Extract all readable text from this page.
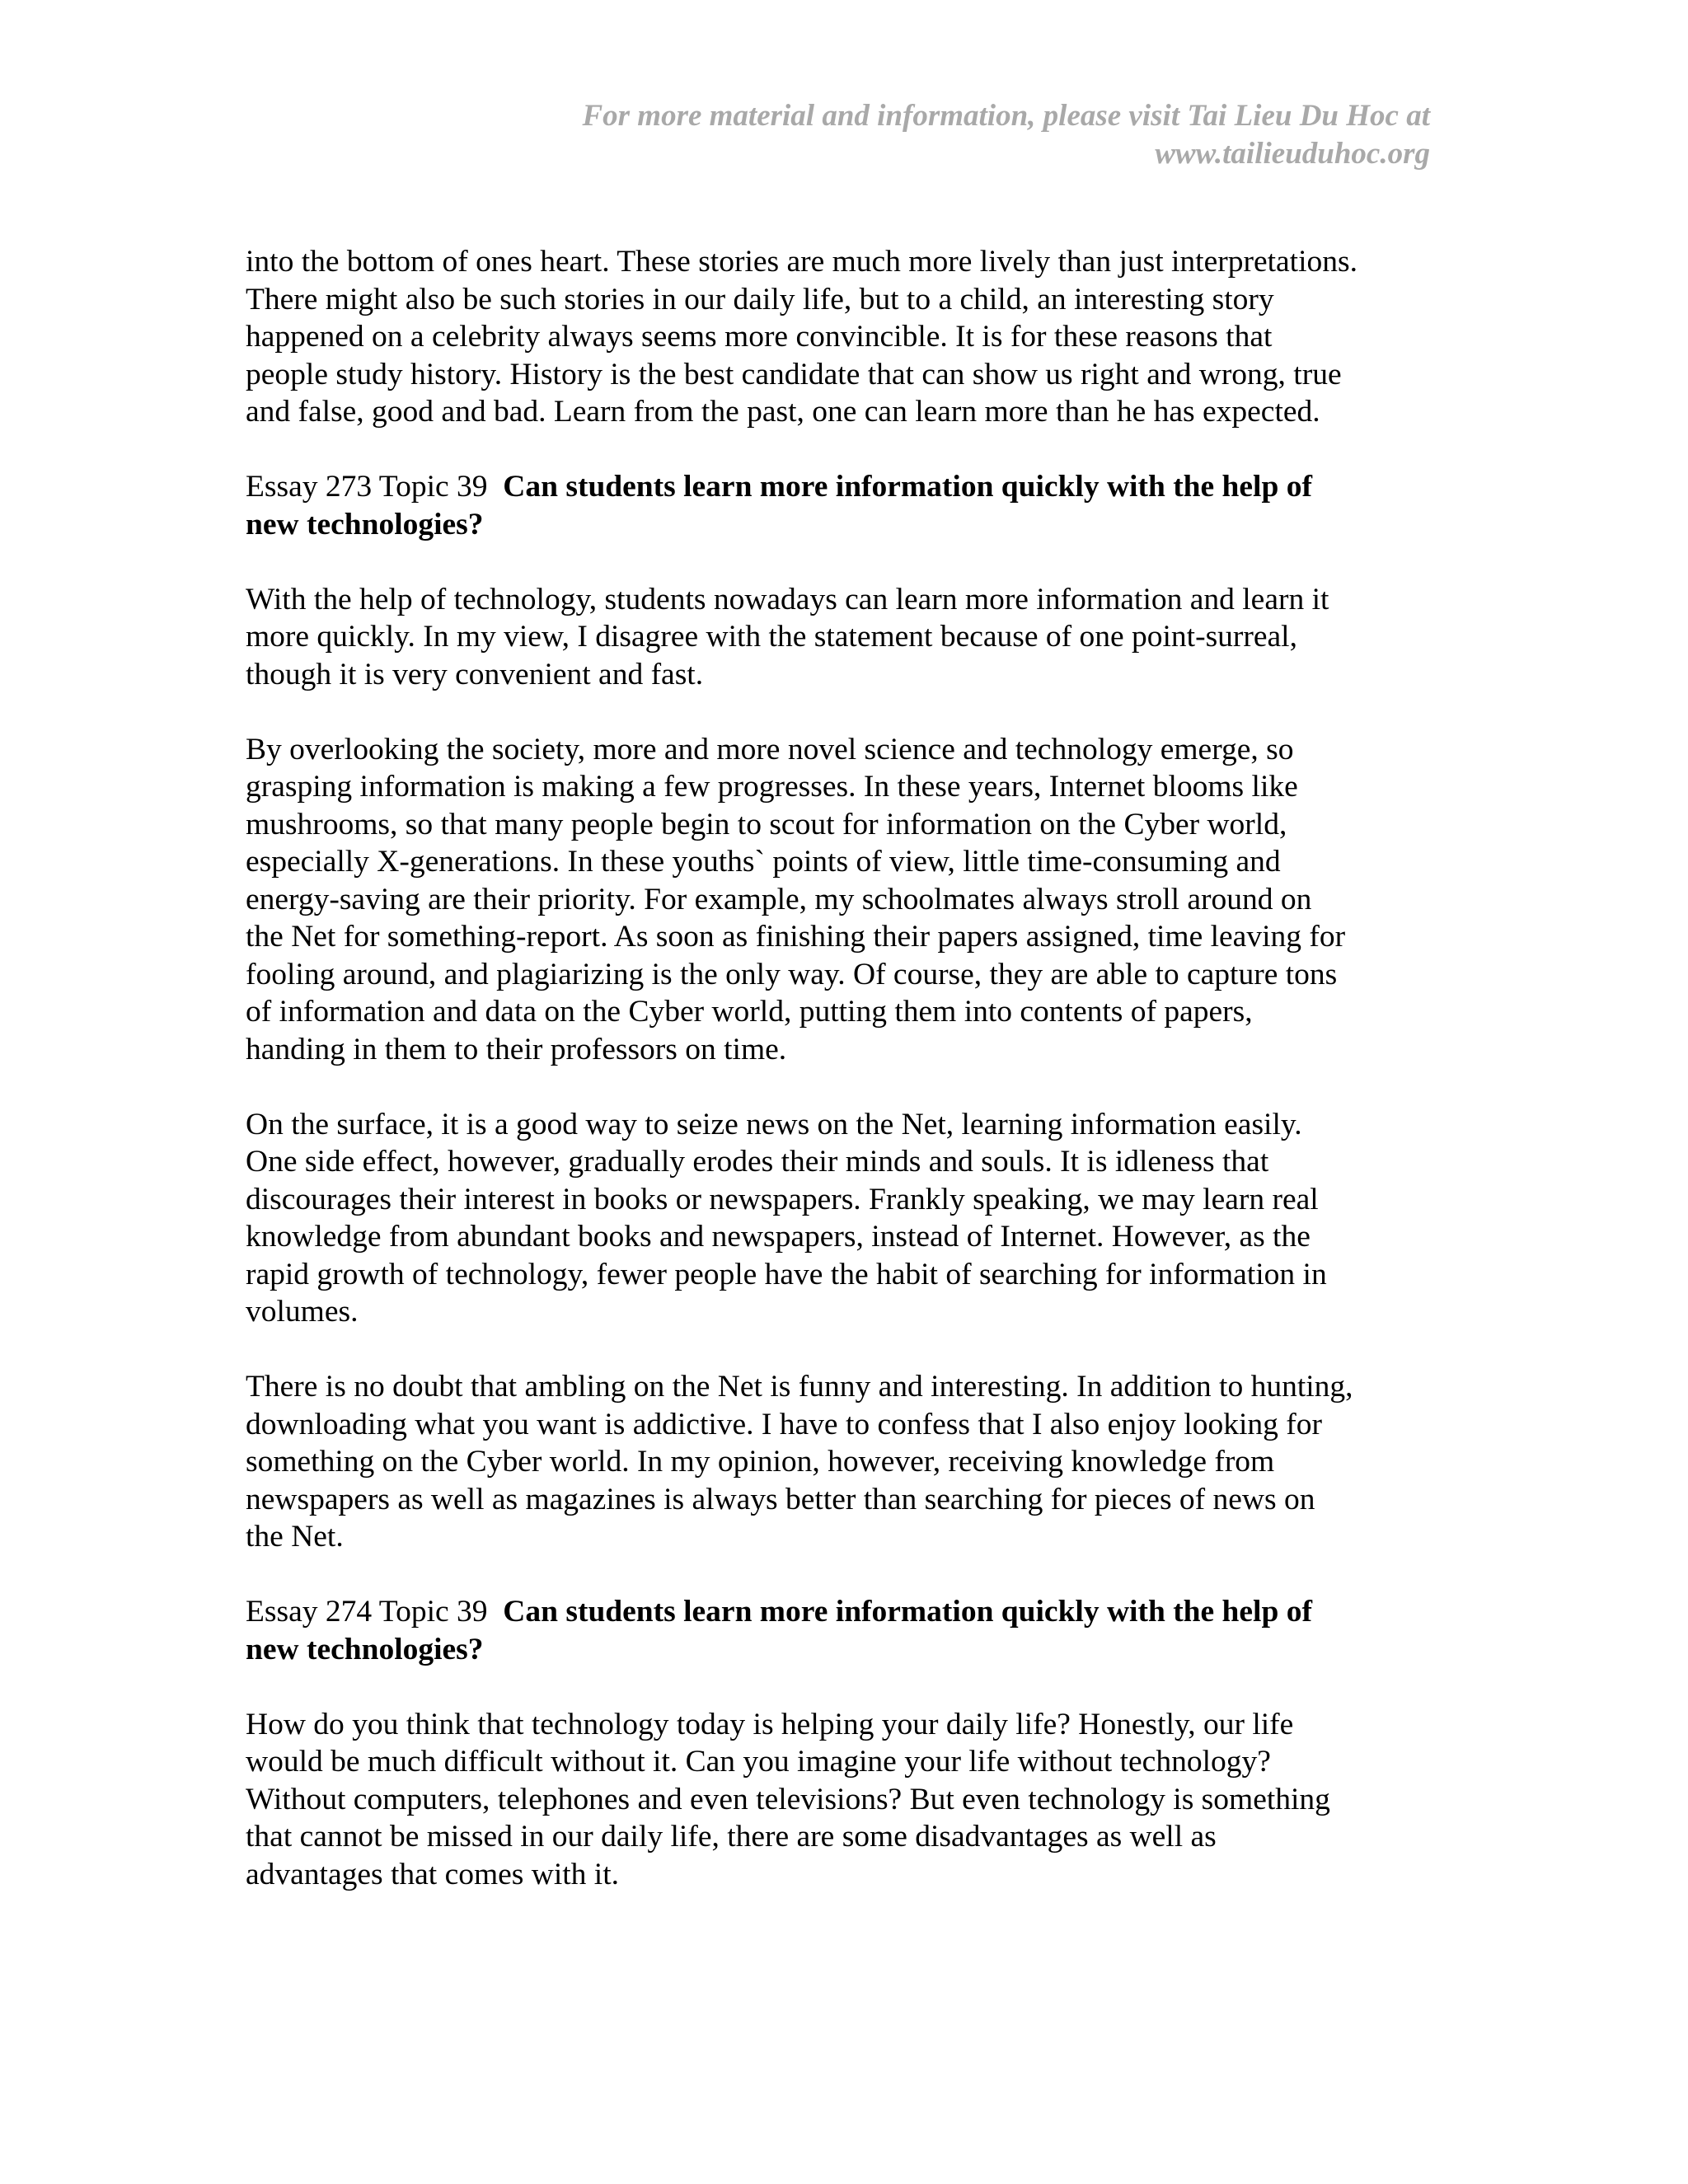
For more material and information, please visit Tai Lieu Du Hoc at
www.tailieuduhoc.org
into the bottom of ones heart. These stories are much more lively than just interpretations.
There might also be such stories in our daily life, but to a child, an interesting story
happened on a celebrity always seems more convincible. It is for these reasons that
people study history. History is the best candidate that can show us right and wrong, true
and false, good and bad. Learn from the past, one can learn more than he has expected.
Essay 273 Topic 39  Can students learn more information quickly with the help of
new technologies?
With the help of technology, students nowadays can learn more information and learn it
more quickly. In my view, I disagree with the statement because of one point-surreal,
though it is very convenient and fast.
By overlooking the society, more and more novel science and technology emerge, so
grasping information is making a few progresses. In these years, Internet blooms like
mushrooms, so that many people begin to scout for information on the Cyber world,
especially X-generations. In these youths` points of view, little time-consuming and
energy-saving are their priority. For example, my schoolmates always stroll around on
the Net for something-report. As soon as finishing their papers assigned, time leaving for
fooling around, and plagiarizing is the only way. Of course, they are able to capture tons
of information and data on the Cyber world, putting them into contents of papers,
handing in them to their professors on time.
On the surface, it is a good way to seize news on the Net, learning information easily.
One side effect, however, gradually erodes their minds and souls. It is idleness that
discourages their interest in books or newspapers. Frankly speaking, we may learn real
knowledge from abundant books and newspapers, instead of Internet. However, as the
rapid growth of technology, fewer people have the habit of searching for information in
volumes.
There is no doubt that ambling on the Net is funny and interesting. In addition to hunting,
downloading what you want is addictive. I have to confess that I also enjoy looking for
something on the Cyber world. In my opinion, however, receiving knowledge from
newspapers as well as magazines is always better than searching for pieces of news on
the Net.
Essay 274 Topic 39  Can students learn more information quickly with the help of
new technologies?
How do you think that technology today is helping your daily life? Honestly, our life
would be much difficult without it. Can you imagine your life without technology?
Without computers, telephones and even televisions? But even technology is something
that cannot be missed in our daily life, there are some disadvantages as well as
advantages that comes with it.
